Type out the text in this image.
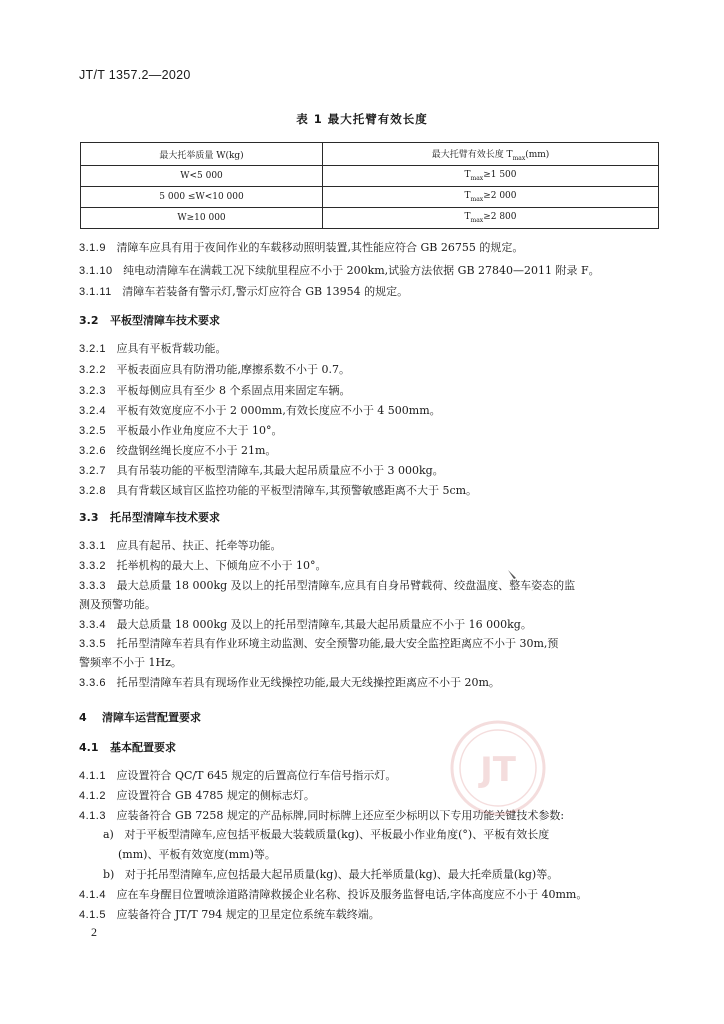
JT/T 1357.2—2020
表 1 最大托臂有效长度
最大托举质量 W(kg)	最大托臂有效长度 $T_{max}(mm)$
W<5 000	$T_{max}\ge 1$ 500
5 000 ≤W<10 000	$T_{max}\ge 2$ 000
W≥10 000	$T_{max}\ge 2$ 800
3.1.9 清障车应具有用于夜间作业的车载移动照明装置,其性能应符合 GB 26755 的规定。
3.1.10 纯电动清障车在满载工况下续航里程应不小于 200km,试验方法依据 GB 27840—2011 附录 F。
3.1.11 清障车若装备有警示灯,警示灯应符合 GB 13954 的规定。
3.2 平板型清障车技术要求
3.2.1 应具有平板背载功能。
3.2.2 平板表面应具有防滑功能,摩擦系数不小于 0.7。
3.2.3 平板每侧应具有至少 8 个系固点用来固定车辆。
3.2.4 平板有效宽度应不小于 2 000mm,有效长度应不小于 4 500mm。
3.2.5 平板最小作业角度应不大于 10°。
3.2.6 绞盘钢丝绳长度应不小于 21m。
3.2.7 具有吊装功能的平板型清障车,其最大起吊质量应不小于 3 000kg。
3.2.8 具有背载区域盲区监控功能的平板型清障车,其预警敏感距离不大于 5cm。
3.3 托吊型清障车技术要求
3.3.1 应具有起吊、扶正、托牵等功能。
3.3.2 托举机构的最大上、下倾角应不小于 10°。
3.3.3 最大总质量 18 000kg 及以上的托吊型清障车,应具有自身吊臂载荷、绞盘温度、整车姿态的监
测及预警功能。
3.3.4 最大总质量 18 000kg 及以上的托吊型清障车,其最大起吊质量应不小于 16 000kg。
3.3.5 托吊型清障车若具有作业环境主动监测、安全预警功能,最大安全监控距离应不小于 30m,预
警频率不小于 1Hz。
3.3.6 托吊型清障车若具有现场作业无线操控功能,最大无线操控距离应不小于 20m。
4 清障车运营配置要求
4.1 基本配置要求
4.1.1 应设置符合 QC/T 645 规定的后置高位行车信号指示灯。
4.1.2 应设置符合 GB 4785 规定的侧标志灯。
4.1.3 应装备符合 GB 7258 规定的产品标牌,同时标牌上还应至少标明以下专用功能关键技术参数:
a) 对于平板型清障车,应包括平板最大装载质量(kg)、平板最小作业角度(°)、平板有效长度
(mm)、平板有效宽度(mm)等。
b) 对于托吊型清障车,应包括最大起吊质量(kg)、最大托举质量(kg)、最大托牵质量(kg)等。
4.1.4 应在车身醒目位置喷涂道路清障救援企业名称、投诉及服务监督电话,字体高度应不小于 40mm。
4.1.5 应装备符合 JT/T 794 规定的卫星定位系统车载终端。
JT
2
